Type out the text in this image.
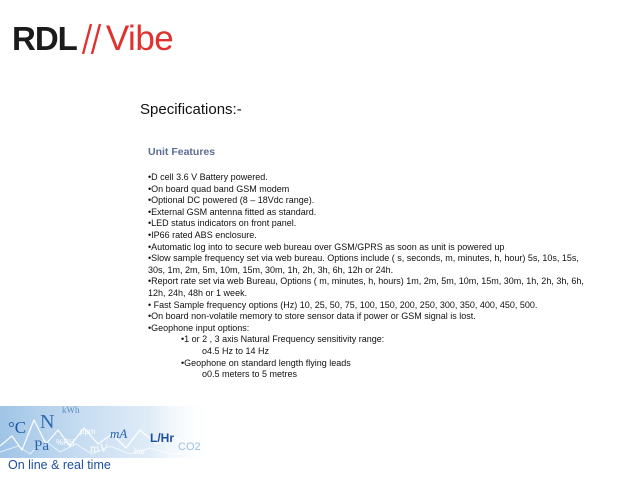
RDL Vibe
Specifications:-
Unit Features
•D cell 3.6 V Battery powered.
•On board quad band GSM modem
•Optional DC powered (8 – 18Vdc range).
•External GSM antenna fitted as standard.
•LED status indicators on front panel.
•IP66 rated ABS enclosure.
•Automatic log into to secure web bureau over GSM/GPRS as soon as unit is powered up
•Slow sample frequency set via web bureau. Options include ( s, seconds, m, minutes, h, hour) 5s, 10s, 15s,
30s, 1m, 2m, 5m, 10m, 15m, 30m, 1h, 2h, 3h, 6h, 12h or 24h.
•Report rate set via web Bureau, Options ( m, minutes, h, hours) 1m, 2m, 5m, 10m, 15m, 30m, 1h, 2h, 3h, 6h,
12h, 24h, 48h or 1 week.
• Fast Sample frequency options (Hz) 10, 25, 50, 75, 100, 150, 200, 250, 300, 350, 400, 450, 500.
•On board non-volatile memory to store sensor data if power or GSM signal is lost.
•Geophone input options:
•1 or 2 , 3 axis Natural Frequency sensitivity range:
o4.5 Hz to 14 Hz
•Geophone on standard length flying leads
o0.5 meters to 5 metres
kWh
°C N	ppm
Pa %RH mV
mA L/Hr
bar	CO2
On line & real time
